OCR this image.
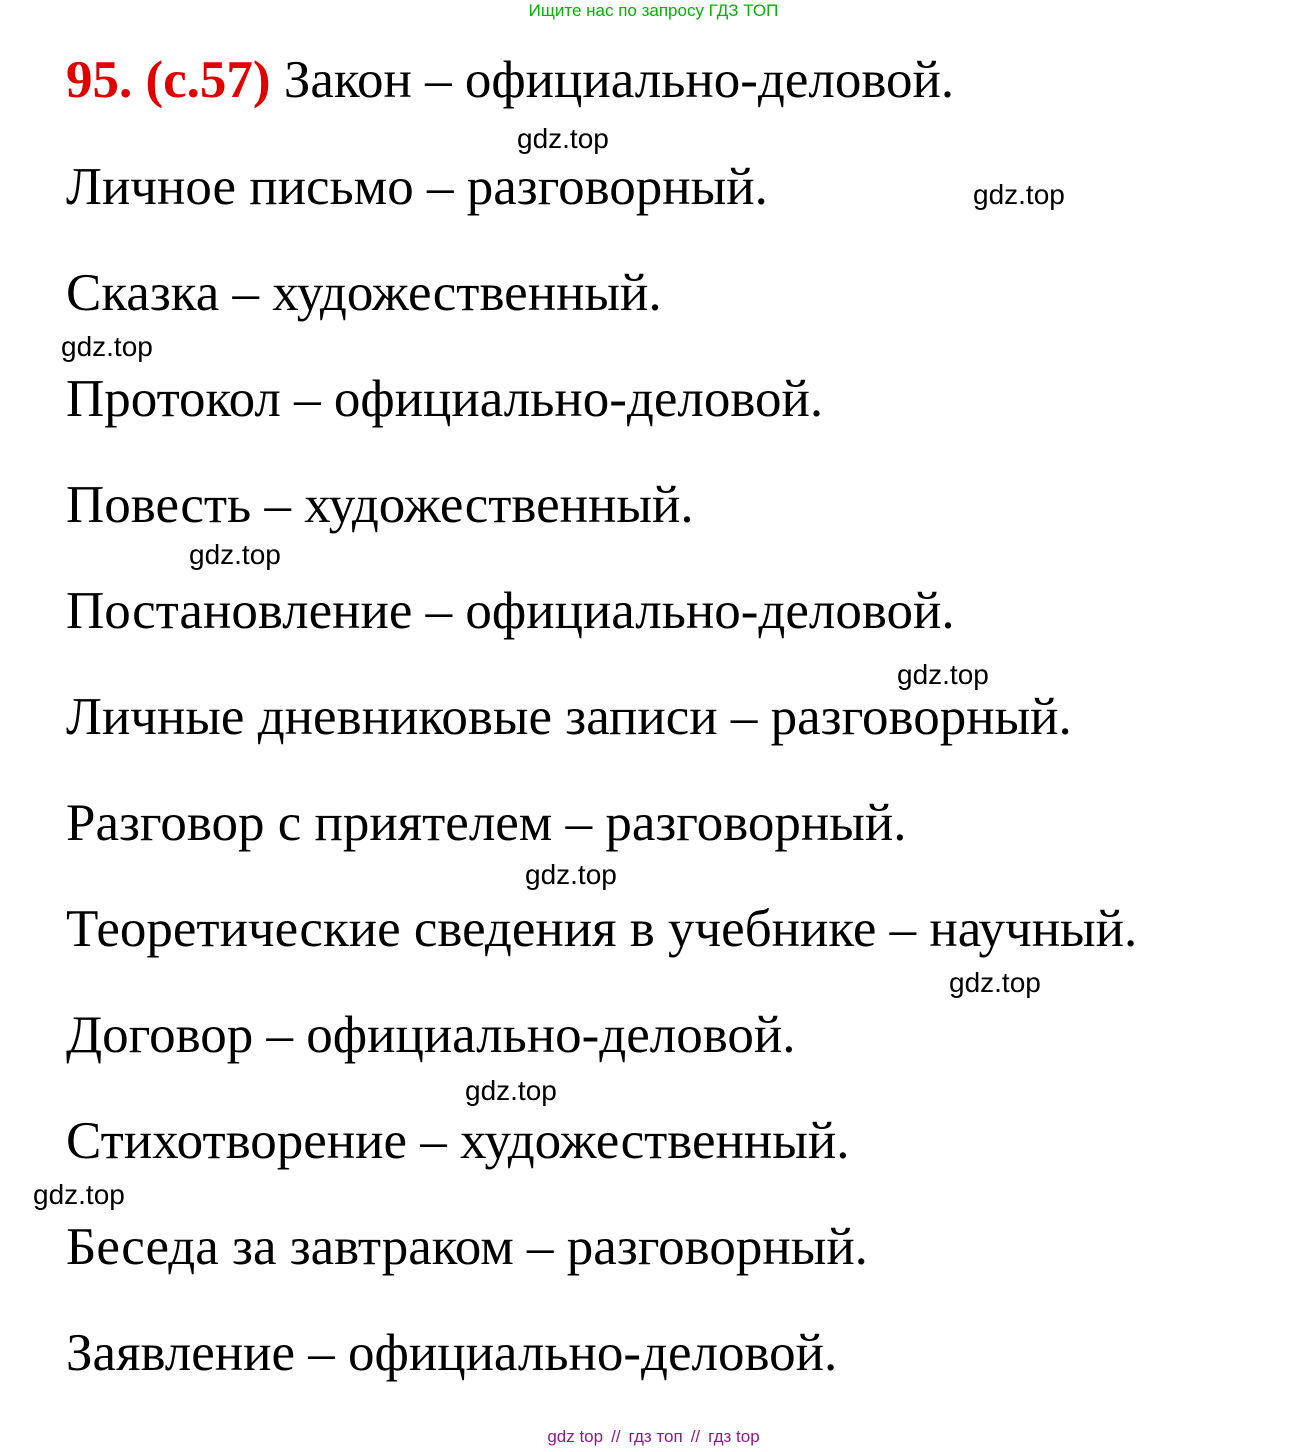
Ищите нас по запросу ГДЗ ТОП
95. (с.57) Закон – официально-деловой.
Личное письмо – разговорный.
Сказка – художественный.
Протокол – официально-деловой.
Повесть – художественный.
Постановление – официально-деловой.
Личные дневниковые записи – разговорный.
Разговор с приятелем – разговорный.
Теоретические сведения в учебнике – научный.
Договор – официально-деловой.
Стихотворение – художественный.
Беседа за завтраком – разговорный.
Заявление – официально-деловой.
gdz.top
gdz.top
gdz.top
gdz.top
gdz.top
gdz.top
gdz.top
gdz.top
gdz.top
gdz top // гдз топ // гдз top
